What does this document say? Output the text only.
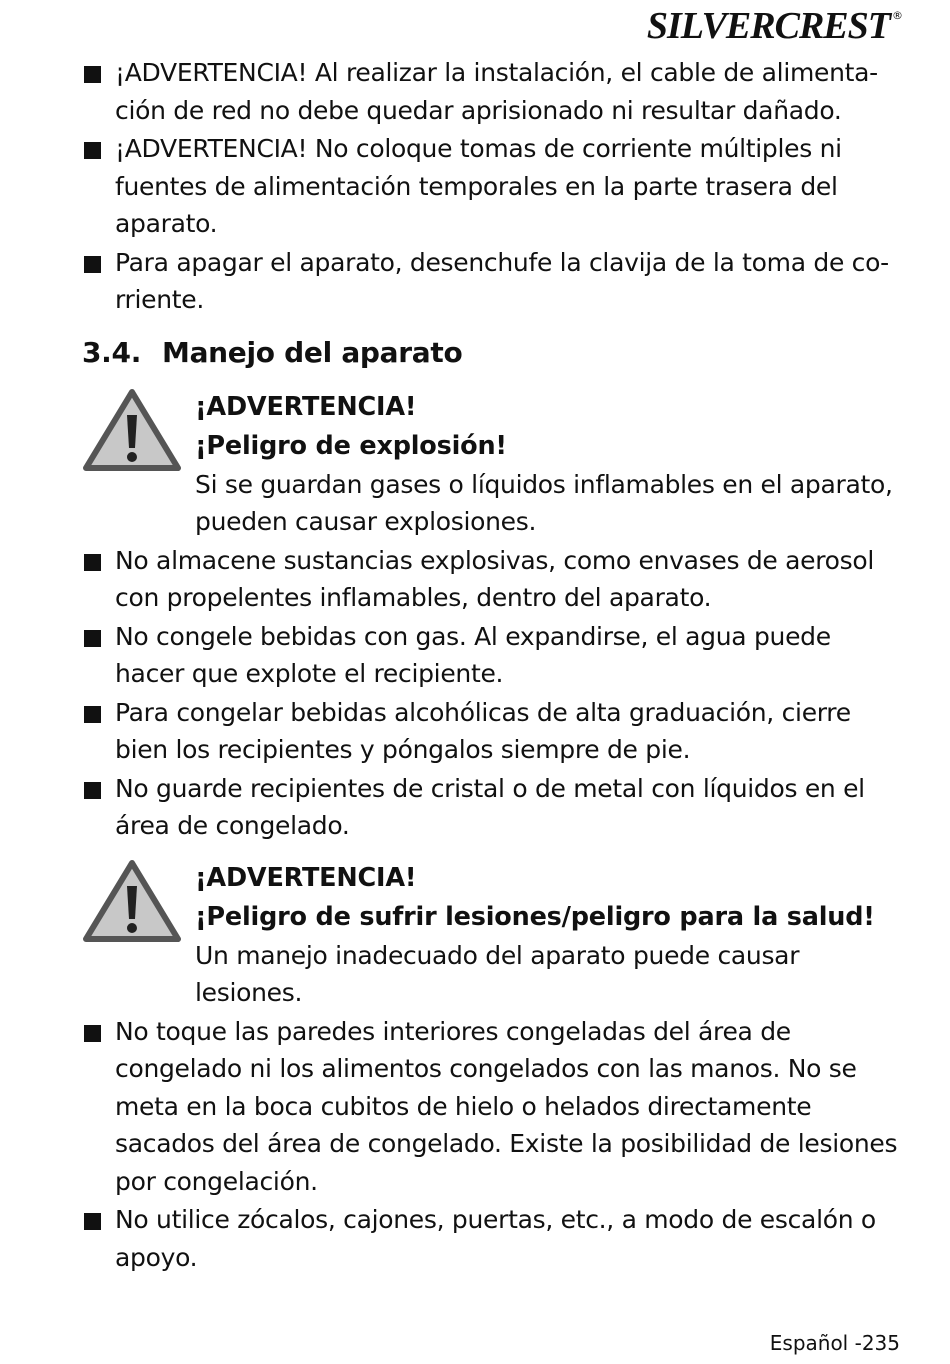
SILVERCREST ®
¡ADVERTENCIA! Al realizar la instalación, el cable de alimentación de red no debe quedar aprisionado ni resultar dañado.
¡ADVERTENCIA! No coloque tomas de corriente múltiples ni fuentes de alimentación temporales en la parte trasera del aparato.
Para apagar el aparato, desenchufe la clavija de la toma de corriente.
3.4. Manejo del aparato
¡ADVERTENCIA!
¡Peligro de explosión!
Si se guardan gases o líquidos inflamables en el aparato, pueden causar explosiones.
No almacene sustancias explosivas, como envases de aerosol con propelentes inflamables, dentro del aparato.
No congele bebidas con gas. Al expandirse, el agua puede hacer que explote el recipiente.
Para congelar bebidas alcohólicas de alta graduación, cierre bien los recipientes y póngalos siempre de pie.
No guarde recipientes de cristal o de metal con líquidos en el área de congelado.
¡ADVERTENCIA!
¡Peligro de sufrir lesiones/peligro para la salud!
Un manejo inadecuado del aparato puede causar lesiones.
No toque las paredes interiores congeladas del área de congelado ni los alimentos congelados con las manos. No se meta en la boca cubitos de hielo o helados directamente sacados del área de congelado. Existe la posibilidad de lesiones por congelación.
No utilice zócalos, cajones, puertas, etc., a modo de escalón o apoyo.
Español -235
